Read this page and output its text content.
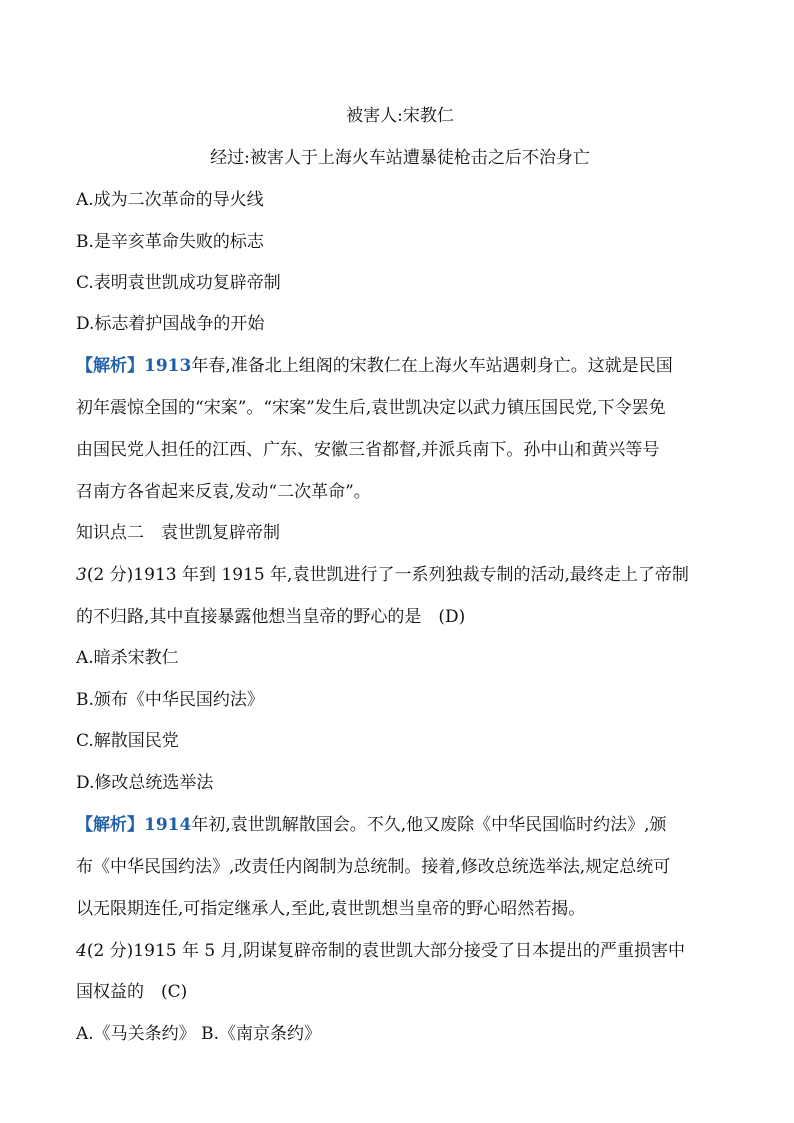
被害人:宋教仁
经过:被害人于上海火车站遭暴徒枪击之后不治身亡
A.成为二次革命的导火线
B.是辛亥革命失败的标志
C.表明袁世凯成功复辟帝制
D.标志着护国战争的开始
【解析】1913年春,准备北上组阁的宋教仁在上海火车站遇刺身亡。这就是民国
初年震惊全国的“宋案”。“宋案”发生后,袁世凯决定以武力镇压国民党,下令罢免
由国民党人担任的江西、广东、安徽三省都督,并派兵南下。孙中山和黄兴等号
召南方各省起来反袁,发动“二次革命”。
知识点二　袁世凯复辟帝制
3(2 分)1913 年到 1915 年,袁世凯进行了一系列独裁专制的活动,最终走上了帝制
的不归路,其中直接暴露他想当皇帝的野心的是　(D)
A.暗杀宋教仁
B.颁布《中华民国约法》
C.解散国民党
D.修改总统选举法
【解析】1914年初,袁世凯解散国会。不久,他又废除《中华民国临时约法》,颁
布《中华民国约法》,改责任内阁制为总统制。接着,修改总统选举法,规定总统可
以无限期连任,可指定继承人,至此,袁世凯想当皇帝的野心昭然若揭。
4(2 分)1915 年 5 月,阴谋复辟帝制的袁世凯大部分接受了日本提出的严重损害中
国权益的　(C)
A.《马关条约》 B.《南京条约》
